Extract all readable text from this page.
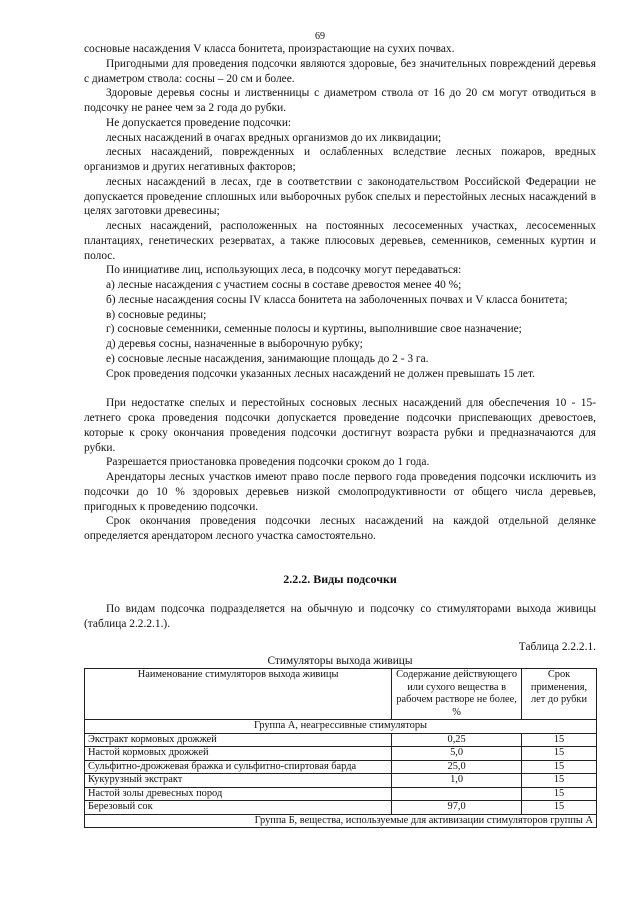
69

сосновые насаждения V класса бонитета, произрастающие на сухих почвах.

Пригодными для проведения подсочки являются здоровые, без значительных повреждений деревья с диаметром ствола: сосны – 20 см и более.

Здоровые деревья сосны и лиственницы с диаметром ствола от 16 до 20 см могут отводиться в подсочку не ранее чем за 2 года до рубки.

Не допускается проведение подсочки:

лесных насаждений в очагах вредных организмов до их ликвидации;

лесных насаждений, поврежденных и ослабленных вследствие лесных пожаров, вредных организмов и других негативных факторов;

лесных насаждений в лесах, где в соответствии с законодательством Российской Федерации не допускается проведение сплошных или выборочных рубок спелых и перестойных лесных насаждений в целях заготовки древесины;

лесных насаждений, расположенных на постоянных лесосеменных участках, лесосеменных плантациях, генетических резерватах, а также плюсовых деревьев, семенников, семенных куртин и полос.

По инициативе лиц, использующих леса, в подсочку могут передаваться:

а) лесные насаждения с участием сосны в составе древостоя менее 40 %;

б) лесные насаждения сосны IV класса бонитета на заболоченных почвах и V класса бонитета;

в) сосновые редины;

г) сосновые семенники, семенные полосы и куртины, выполнившие свое назначение;

д) деревья сосны, назначенные в выборочную рубку;

е) сосновые лесные насаждения, занимающие площадь до 2 - 3 га.

Срок проведения подсочки указанных лесных насаждений не должен превышать 15 лет.

При недостатке спелых и перестойных сосновых лесных насаждений для обеспечения 10 - 15-летнего срока проведения подсочки допускается проведение подсочки приспевающих древостоев, которые к сроку окончания проведения подсочки достигнут возраста рубки и предназначаются для рубки.

Разрешается приостановка проведения подсочки сроком до 1 года.

Арендаторы лесных участков имеют право после первого года проведения подсочки исключить из подсочки до 10 % здоровых деревьев низкой смолопродуктивности от общего числа деревьев, пригодных к проведению подсочки.

Срок окончания проведения подсочки лесных насаждений на каждой отдельной делянке определяется арендатором лесного участка самостоятельно.

2.2.2. Виды подсочки

По видам подсочка подразделяется на обычную и подсочку со стимуляторами выхода живицы (таблица 2.2.2.1.).

Таблица 2.2.2.1.
Стимуляторы выхода живицы
Наименование стимуляторов выхода живицы	Содержание действующего или сухого вещества в рабочем растворе не более, %	Срок применения, лет до рубки
Группа А, неагрессивные стимуляторы		
Экстракт кормовых дрожжей	0,25	15
Настой кормовых дрожжей	5,0	15
Сульфитно-дрожжевая бражка и сульфитно-спиртовая барда	25,0	15
Кукурузный экстракт	1,0	15
Настой золы древесных пород		15
Березовый сок	97,0	15
Группа Б, вещества, используемые для активизации стимуляторов группы А		
